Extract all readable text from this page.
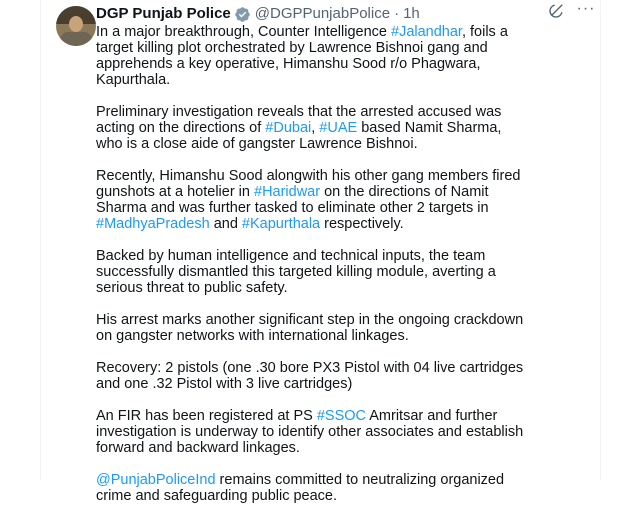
DGP Punjab Police @DGPPunjabPolice · 1h	···

In a major breakthrough, Counter Intelligence #Jalandhar, foils a target killing plot orchestrated by Lawrence Bishnoi gang and apprehends a key operative, Himanshu Sood r/o Phagwara, Kapurthala.

Preliminary investigation reveals that the arrested accused was acting on the directions of #Dubai, #UAE based Namit Sharma, who is a close aide of gangster Lawrence Bishnoi.

Recently, Himanshu Sood alongwith his other gang members fired gunshots at a hotelier in #Haridwar on the directions of Namit Sharma and was further tasked to eliminate other 2 targets in #MadhyaPradesh and #Kapurthala respectively.

Backed by human intelligence and technical inputs, the team successfully dismantled this targeted killing module, averting a serious threat to public safety.

His arrest marks another significant step in the ongoing crackdown on gangster networks with international linkages.

Recovery: 2 pistols (one .30 bore PX3 Pistol with 04 live cartridges and one .32 Pistol with 3 live cartridges)

An FIR has been registered at PS #SSOC Amritsar and further investigation is underway to identify other associates and establish forward and backward linkages.

@PunjabPoliceInd remains committed to neutralizing organized crime and safeguarding public peace.
